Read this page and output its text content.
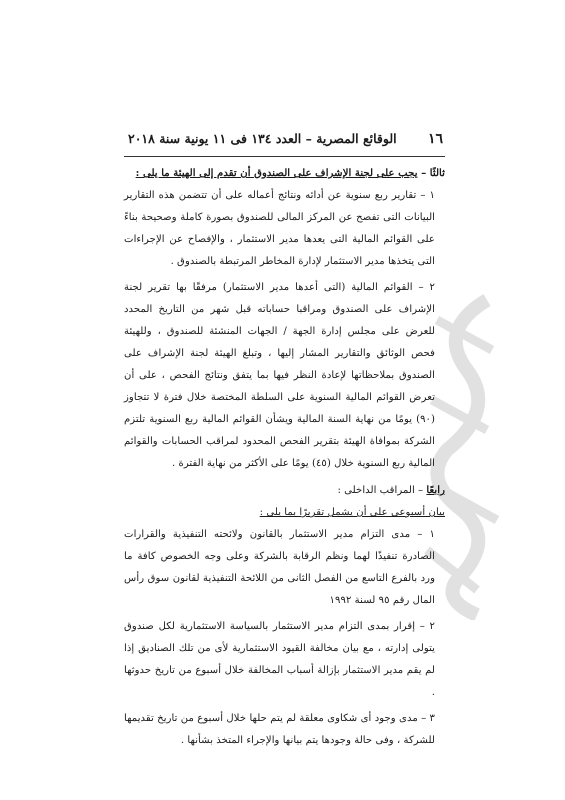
١٦
الوقائع المصرية – العدد ١٣٤ فى ١١ يونية سنة ٢٠١٨

ثالثًا – يجب على لجنة الإشراف على الصندوق أن تقدم إلى الهيئة ما يلى :

١ – تقارير ربع سنوية عن أدائه ونتائج أعماله على أن تتضمن هذه التقارير البيانات التى تفصح عن المركز المالى للصندوق بصورة كاملة وصحيحة بناءً على القوائم المالية التى يعدها مدير الاستثمار ، والإفصاح عن الإجراءات التى يتخذها مدير الاستثمار لإدارة المخاطر المرتبطة بالصندوق .

٢ – القوائم المالية (التى أعدها مدير الاستثمار) مرفقًا بها تقرير لجنة الإشراف على الصندوق ومراقبا حساباته قبل شهر من التاريخ المحدد للعرض على مجلس إدارة الجهة / الجهات المنشئة للصندوق ، وللهيئة فحص الوثائق والتقارير المشار إليها ، وتبلغ الهيئة لجنة الإشراف على الصندوق بملاحظاتها لإعادة النظر فيها بما يتفق ونتائج الفحص ، على أن تعرض القوائم المالية السنوية على السلطة المختصة خلال فترة لا تتجاوز (٩٠) يومًا من نهاية السنة المالية ويشأن القوائم المالية ربع السنوية تلتزم الشركة بموافاة الهيئة بتقرير الفحص المحدود لمراقب الحسابات والقوائم المالية ربع السنوية خلال (٤٥) يومًا على الأكثر من نهاية الفترة .

رابعًا – المراقب الداخلى :

بيان أسبوعى على أن يشمل تقريرًا بما يلى :

١ – مدى التزام مدير الاستثمار بالقانون ولائحته التنفيذية والقرارات الصادرة تنفيذًا لهما ونظم الرقابة بالشركة وعلى وجه الخصوص كافة ما ورد بالفرع التاسع من الفصل الثانى من اللائحة التنفيذية لقانون سوق رأس المال رقم ٩٥ لسنة ١٩٩٢

٢ – إقرار بمدى التزام مدير الاستثمار بالسياسة الاستثمارية لكل صندوق يتولى إدارته ، مع بيان مخالفة القيود الاستثمارية لأى من تلك الصناديق إذا لم يقم مدير الاستثمار بإزالة أسباب المخالفة خلال أسبوع من تاريخ حدوثها .

٣ – مدى وجود أى شكاوى معلقة لم يتم حلها خلال أسبوع من تاريخ تقديمها للشركة ، وفى حالة وجودها يتم بيانها والإجراء المتخذ بشأنها .
